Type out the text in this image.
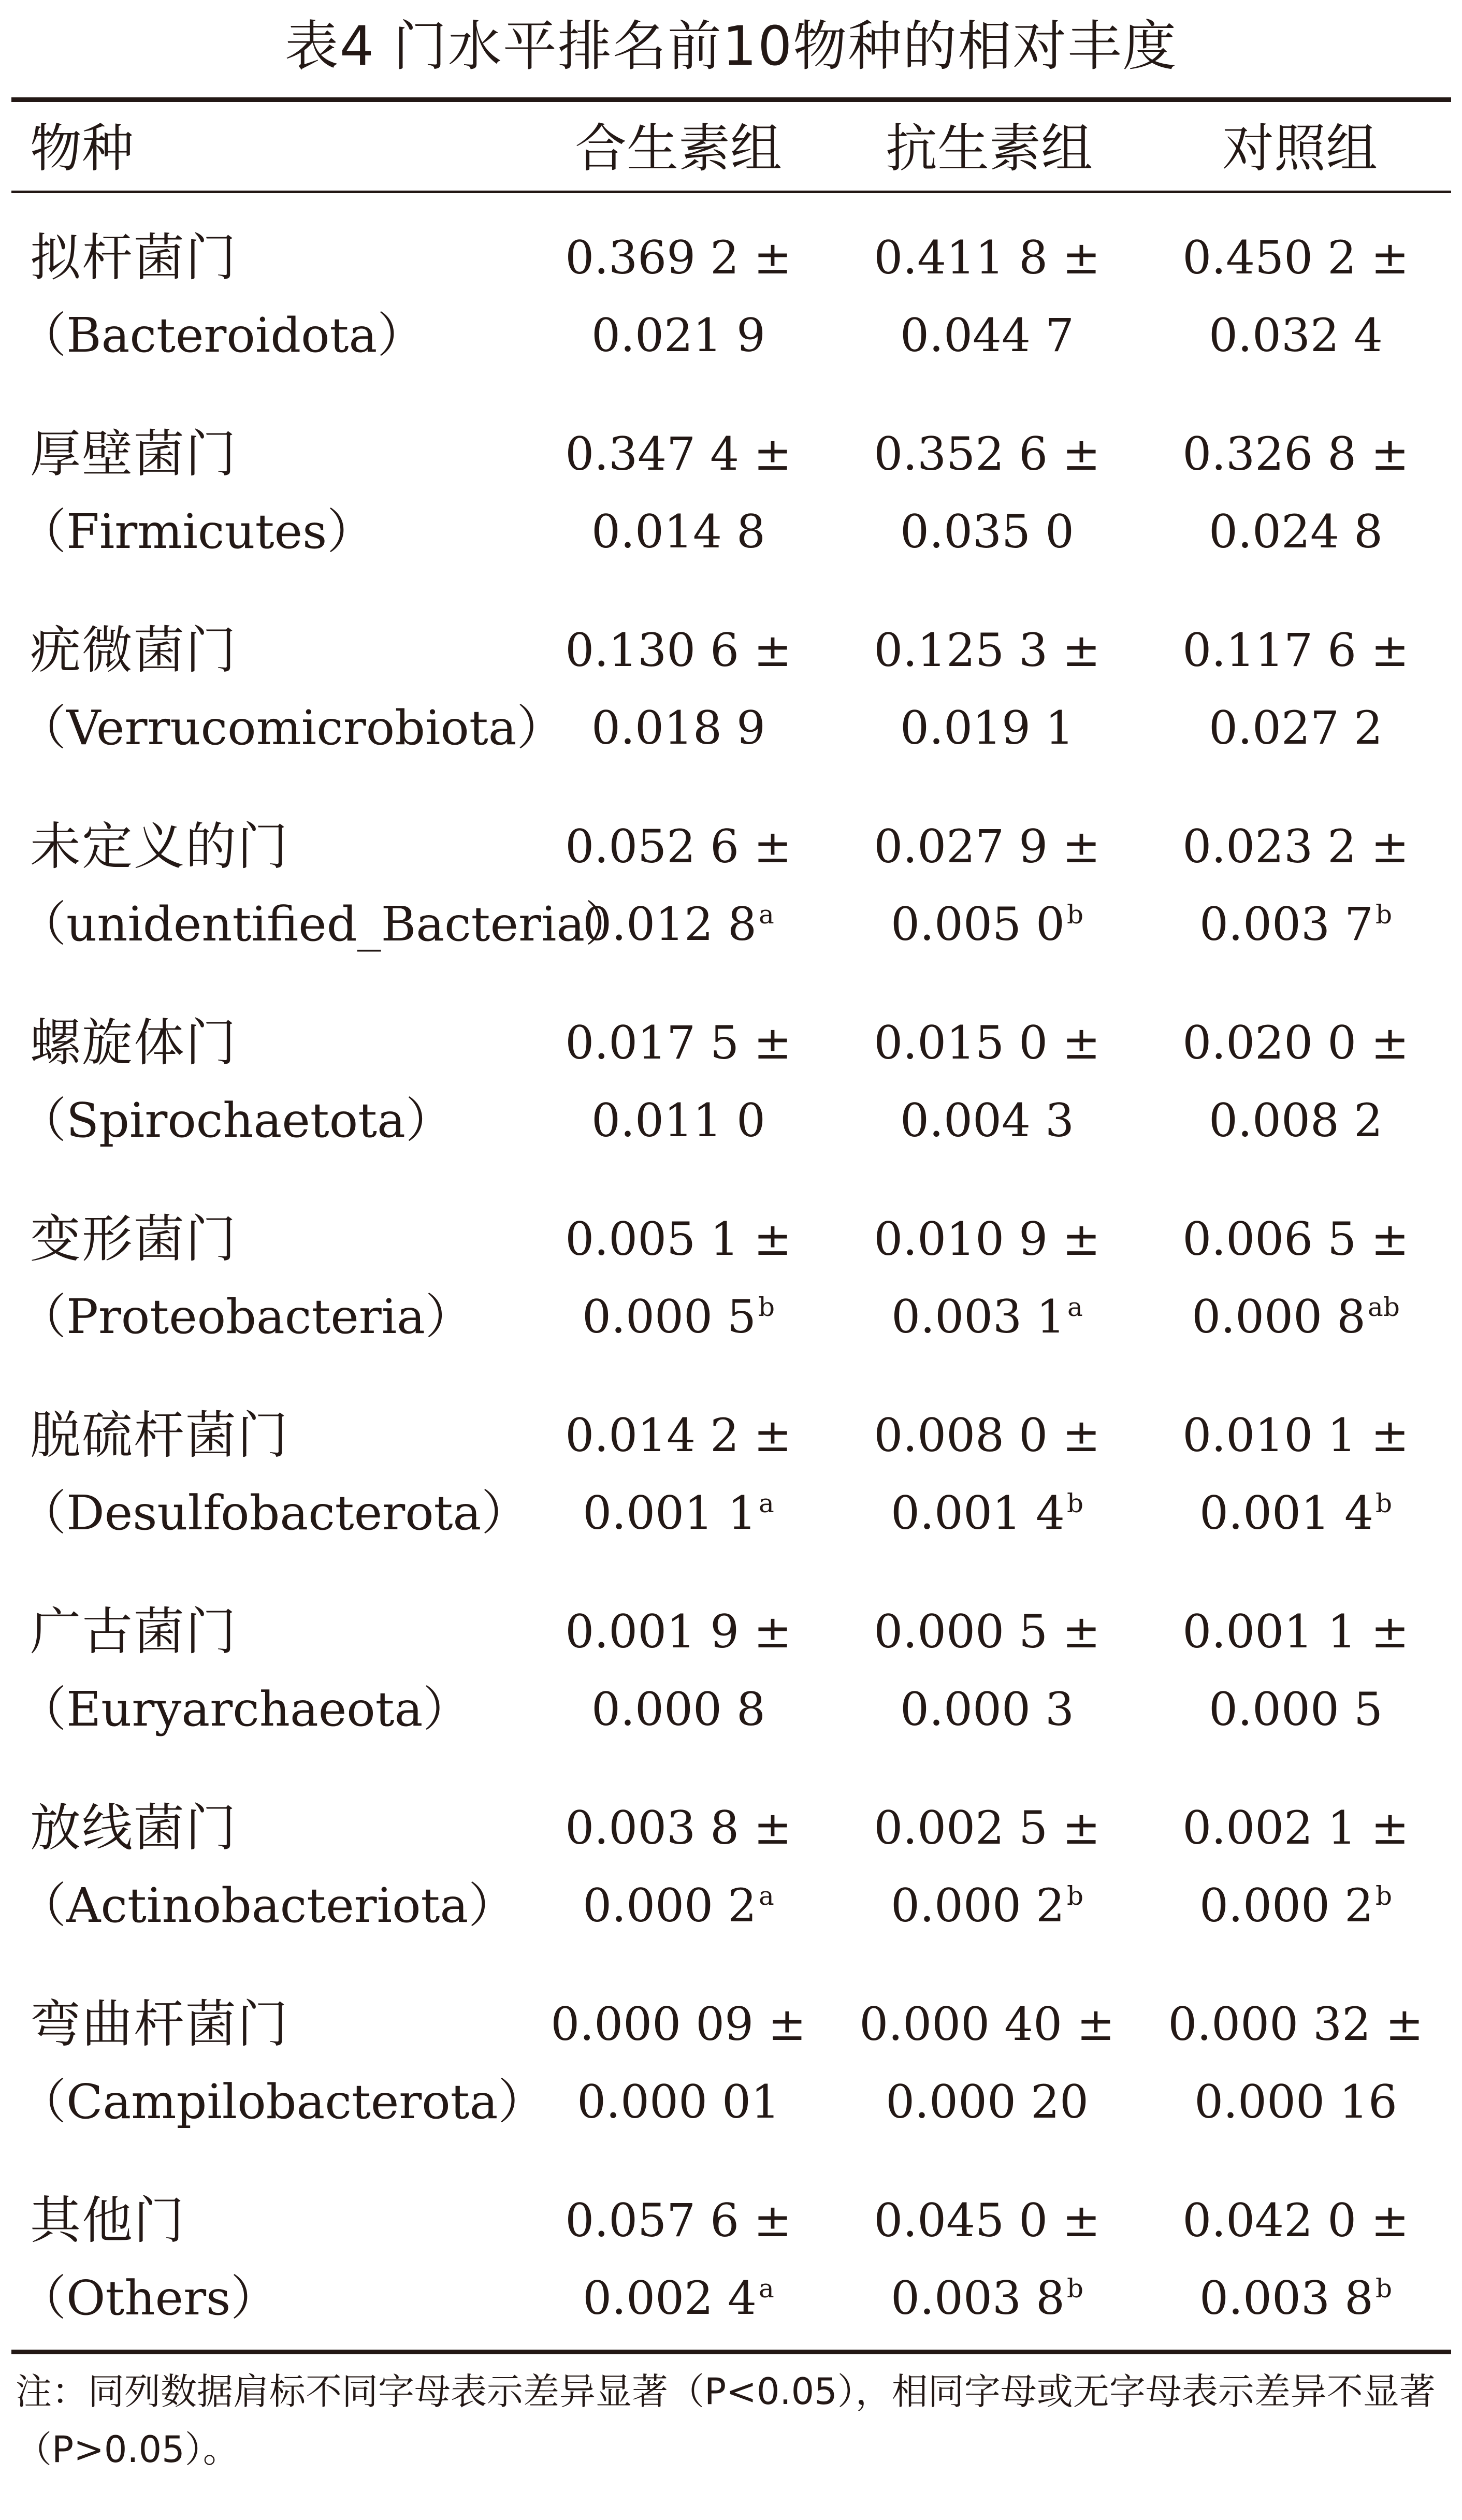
表4 门水平排名前10物种的相对丰度
物种	合生素组 抗生素组	对照组
拟杆菌门
（Bacteroidota）
0.369 2 ±
0.021 9
0.411 8 ±
0.044 7
0.450 2 ±
0.032 4
厚壁菌门
（Firmicutes）
0.347 4 ±
0.014 8
0.352 6 ±
0.035 0
0.326 8 ±
0.024 8
疣微菌门
（Verrucomicrobiota）
0.130 6 ±
0.018 9
0.125 3 ±
0.019 1
0.117 6 ±
0.027 2
未定义的门
（unidentified_Bacteria）
0.052 6 ±
0.012 8$^a$
0.027 9 ±
0.005 0$^b$
0.023 2 ±
0.003 7$^b$
螺旋体门
（Spirochaetota）
0.017 5 ±
0.011 0
0.015 0 ±
0.004 3
0.020 0 ±
0.008 2
变形菌门
（Proteobacteria）
0.005 1 ±
0.000 5$^b$
0.010 9 ±
0.003 1$^a$
0.006 5 ±
0.000 $8^{ab}$
脱硫杆菌门
（Desulfobacterota）
0.014 2 ±
0.001 1$^a$
0.008 0 ±
0.001 4$^b$
0.010 1 ±
0.001 4$^b$
广古菌门
（Euryarchaeota）
0.001 9 ±
0.000 8
0.000 5 ±
0.000 3
0.001 1 ±
0.000 5
放线菌门
（Actinobacteriota）
0.003 8 ±
0.000 2$^a$
0.002 5 ±
0.000 2$^b$
0.002 1 ±
0.000 2$^b$
弯曲杆菌门
（Campilobacterota）
0.000 09 ±
0.000 01
0.000 40 ±
0.000 20
0.000 32 ±
0.000 16
其他门
（Others）
0.057 6 ±
0.002 4$^a$
0.045 0 ±
0.003 8$^b$
0.042 0 ±
0.003 8$^b$
注：同列数据肩标不同字母表示差异显著（P<0.05），相同字母或无字母表示差异不显著（P>0.05）。
